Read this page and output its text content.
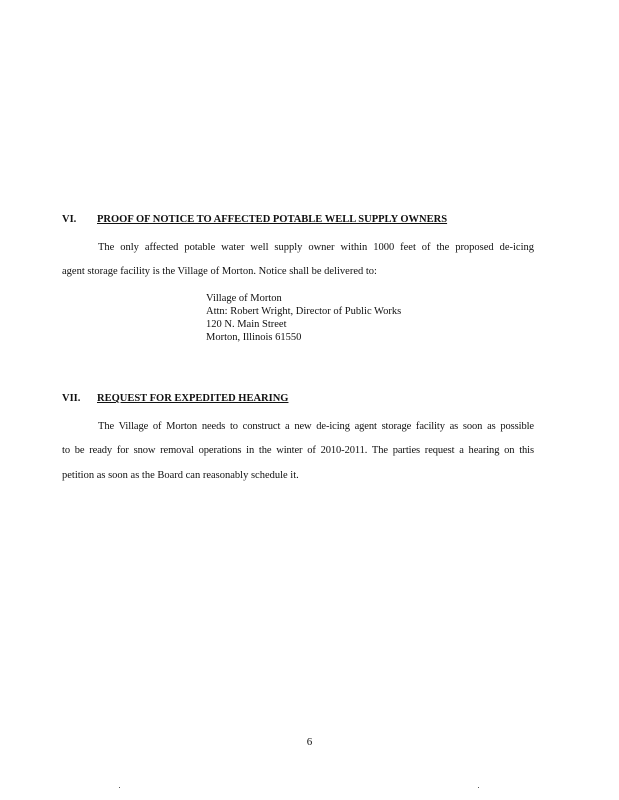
VI. PROOF OF NOTICE TO AFFECTED POTABLE WELL SUPPLY OWNERS
The only affected potable water well supply owner within 1000 feet of the proposed de-icing
agent storage facility is the Village of Morton. Notice shall be delivered to:
Village of Morton
Attn: Robert Wright, Director of Public Works
120 N. Main Street
Morton, Illinois 61550
VII. REQUEST FOR EXPEDITED HEARING
The Village of Morton needs to construct a new de-icing agent storage facility as soon as possible
to be ready for snow removal operations in the winter of 2010-2011. The parties request a hearing on this
petition as soon as the Board can reasonably schedule it.
6
